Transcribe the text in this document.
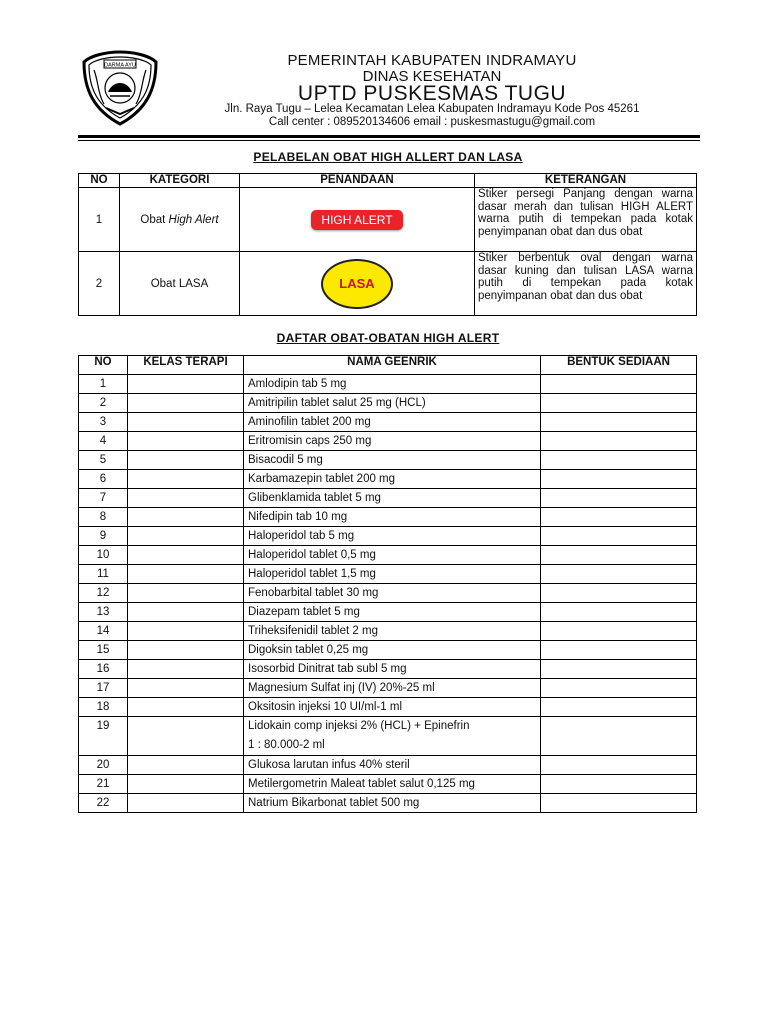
DARMA AYU	PEMERINTAH KABUPATEN INDRAMAYU
DINAS KESEHATAN
UPTD PUSKESMAS TUGU
Jln. Raya Tugu – Lelea Kecamatan Lelea Kabupaten Indramayu Kode Pos 45261
Call center : 089520134606 email : puskesmastugu@gmail.com
PELABELAN OBAT HIGH ALLERT DAN LASA
NO	KATEGORI	PENANDAAN	KETERANGAN
1	Obat High Alert	HIGH ALERT	Stiker persegi Panjang dengan warna dasar merah dan tulisan HIGH ALERT warna putih di tempekan pada kotak penyimpanan obat dan dus obat
2	Obat LASA	LASA	Stiker berbentuk oval dengan warna dasar kuning dan tulisan LASA warna putih di tempekan pada kotak penyimpanan obat dan dus obat
DAFTAR OBAT-OBATAN HIGH ALERT
NO	KELAS TERAPI	NAMA GEENRIK	BENTUK SEDIAAN
1		Amlodipin tab 5 mg	
2		Amitripilin tablet salut 25 mg (HCL)	
3		Aminofilin tablet 200 mg	
4		Eritromisin caps 250 mg	
5		Bisacodil 5 mg	
6		Karbamazepin tablet 200 mg	
7		Glibenklamida tablet 5 mg	
8		Nifedipin tab 10 mg	
9		Haloperidol tab 5 mg	
10		Haloperidol tablet 0,5 mg	
11		Haloperidol tablet 1,5 mg	
12		Fenobarbital tablet 30 mg	
13		Diazepam tablet 5 mg	
14		Triheksifenidil tablet 2 mg	
15		Digoksin tablet 0,25 mg	
16		Isosorbid Dinitrat tab subl 5 mg	
17		Magnesium Sulfat inj (IV) 20%-25 ml	
18		Oksitosin injeksi 10 UI/ml-1 ml	
19		Lidokain comp injeksi 2% (HCL) + Epinefrin
1 : 80.000-2 ml	

20		Glukosa larutan infus 40% steril	
21		Metilergometrin Maleat tablet salut 0,125 mg	
22		Natrium Bikarbonat tablet 500 mg	
